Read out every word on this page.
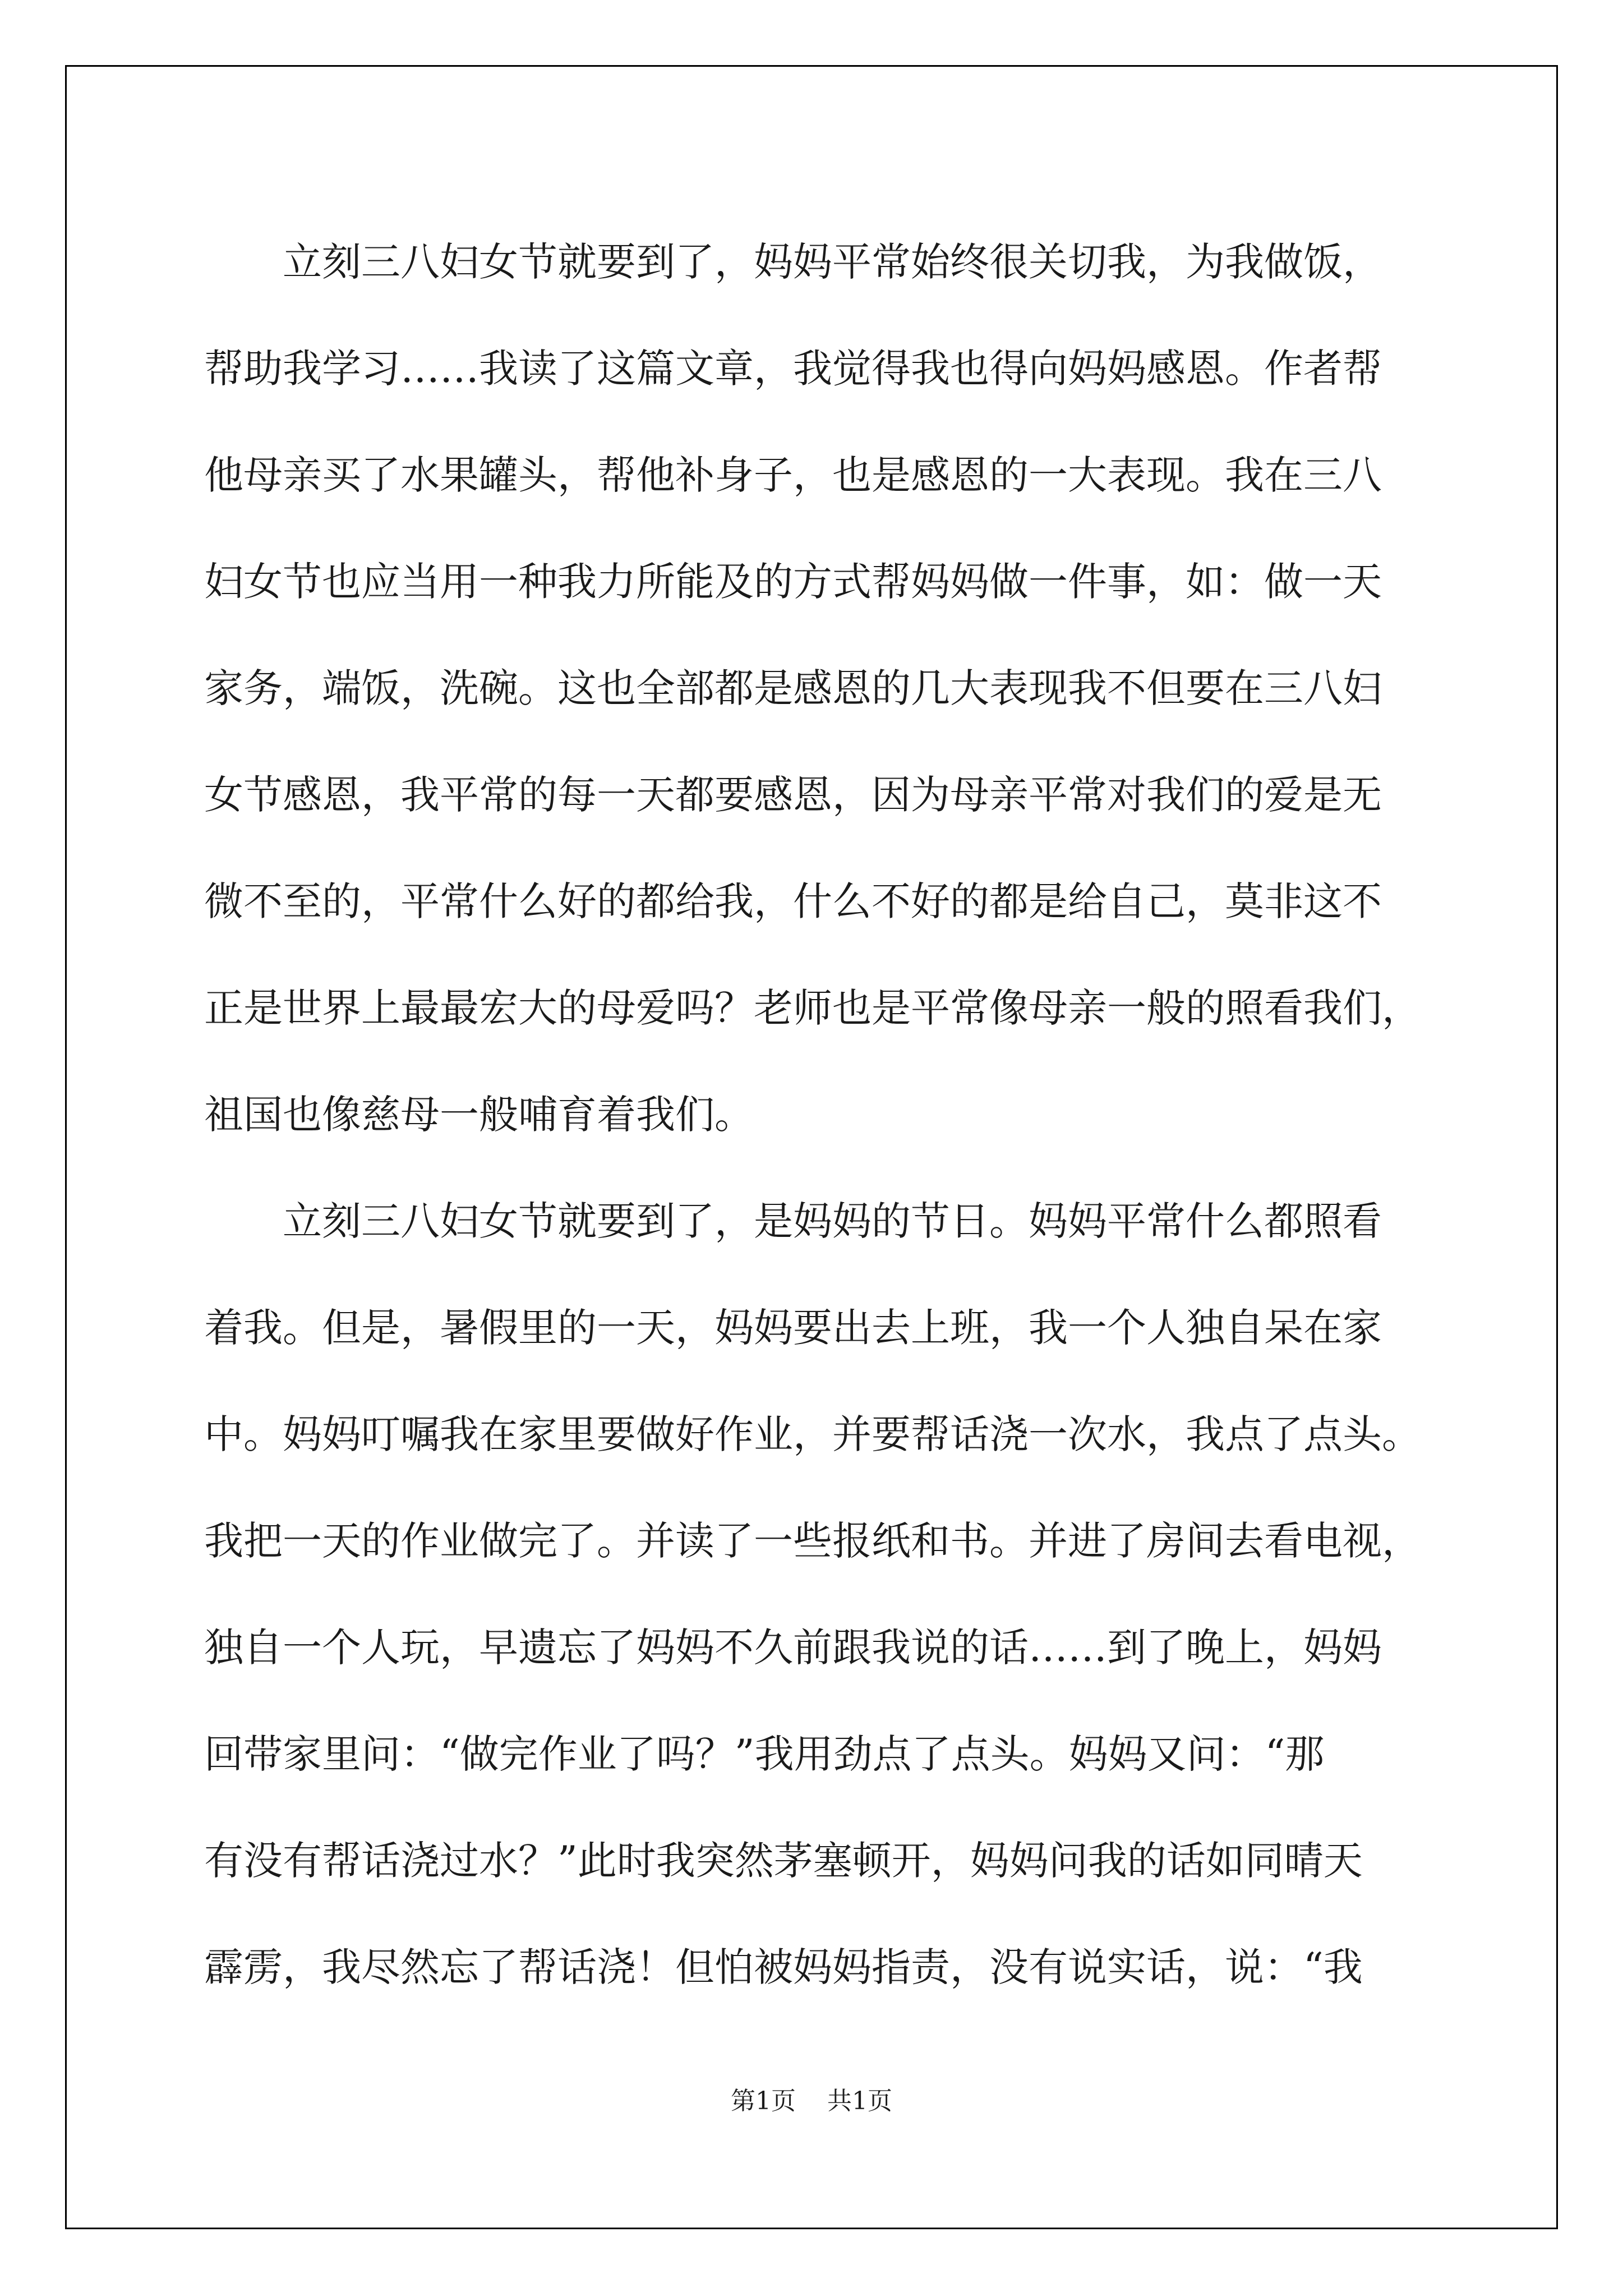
立刻三八妇女节就要到了，妈妈平常始终很关切我，为我做饭，
帮助我学习……我读了这篇文章，我觉得我也得向妈妈感恩。作者帮
他母亲买了水果罐头，帮他补身子，也是感恩的一大表现。我在三八
妇女节也应当用一种我力所能及的方式帮妈妈做一件事，如：做一天
家务，端饭，洗碗。这也全部都是感恩的几大表现我不但要在三八妇
女节感恩，我平常的每一天都要感恩，因为母亲平常对我们的爱是无
微不至的，平常什么好的都给我，什么不好的都是给自己，莫非这不
正是世界上最最宏大的母爱吗？老师也是平常像母亲一般的照看我们，
祖国也像慈母一般哺育着我们。
立刻三八妇女节就要到了，是妈妈的节日。妈妈平常什么都照看
着我。但是，暑假里的一天，妈妈要出去上班，我一个人独自呆在家
中。妈妈叮嘱我在家里要做好作业，并要帮话浇一次水，我点了点头。
我把一天的作业做完了。并读了一些报纸和书。并进了房间去看电视，
独自一个人玩，早遗忘了妈妈不久前跟我说的话……到了晚上，妈妈
回带家里问：“做完作业了吗？”我用劲点了点头。妈妈又问：“那
有没有帮话浇过水？”此时我突然茅塞顿开，妈妈问我的话如同晴天
霹雳，我尽然忘了帮话浇！但怕被妈妈指责，没有说实话，说：“我
第1页 共1页
